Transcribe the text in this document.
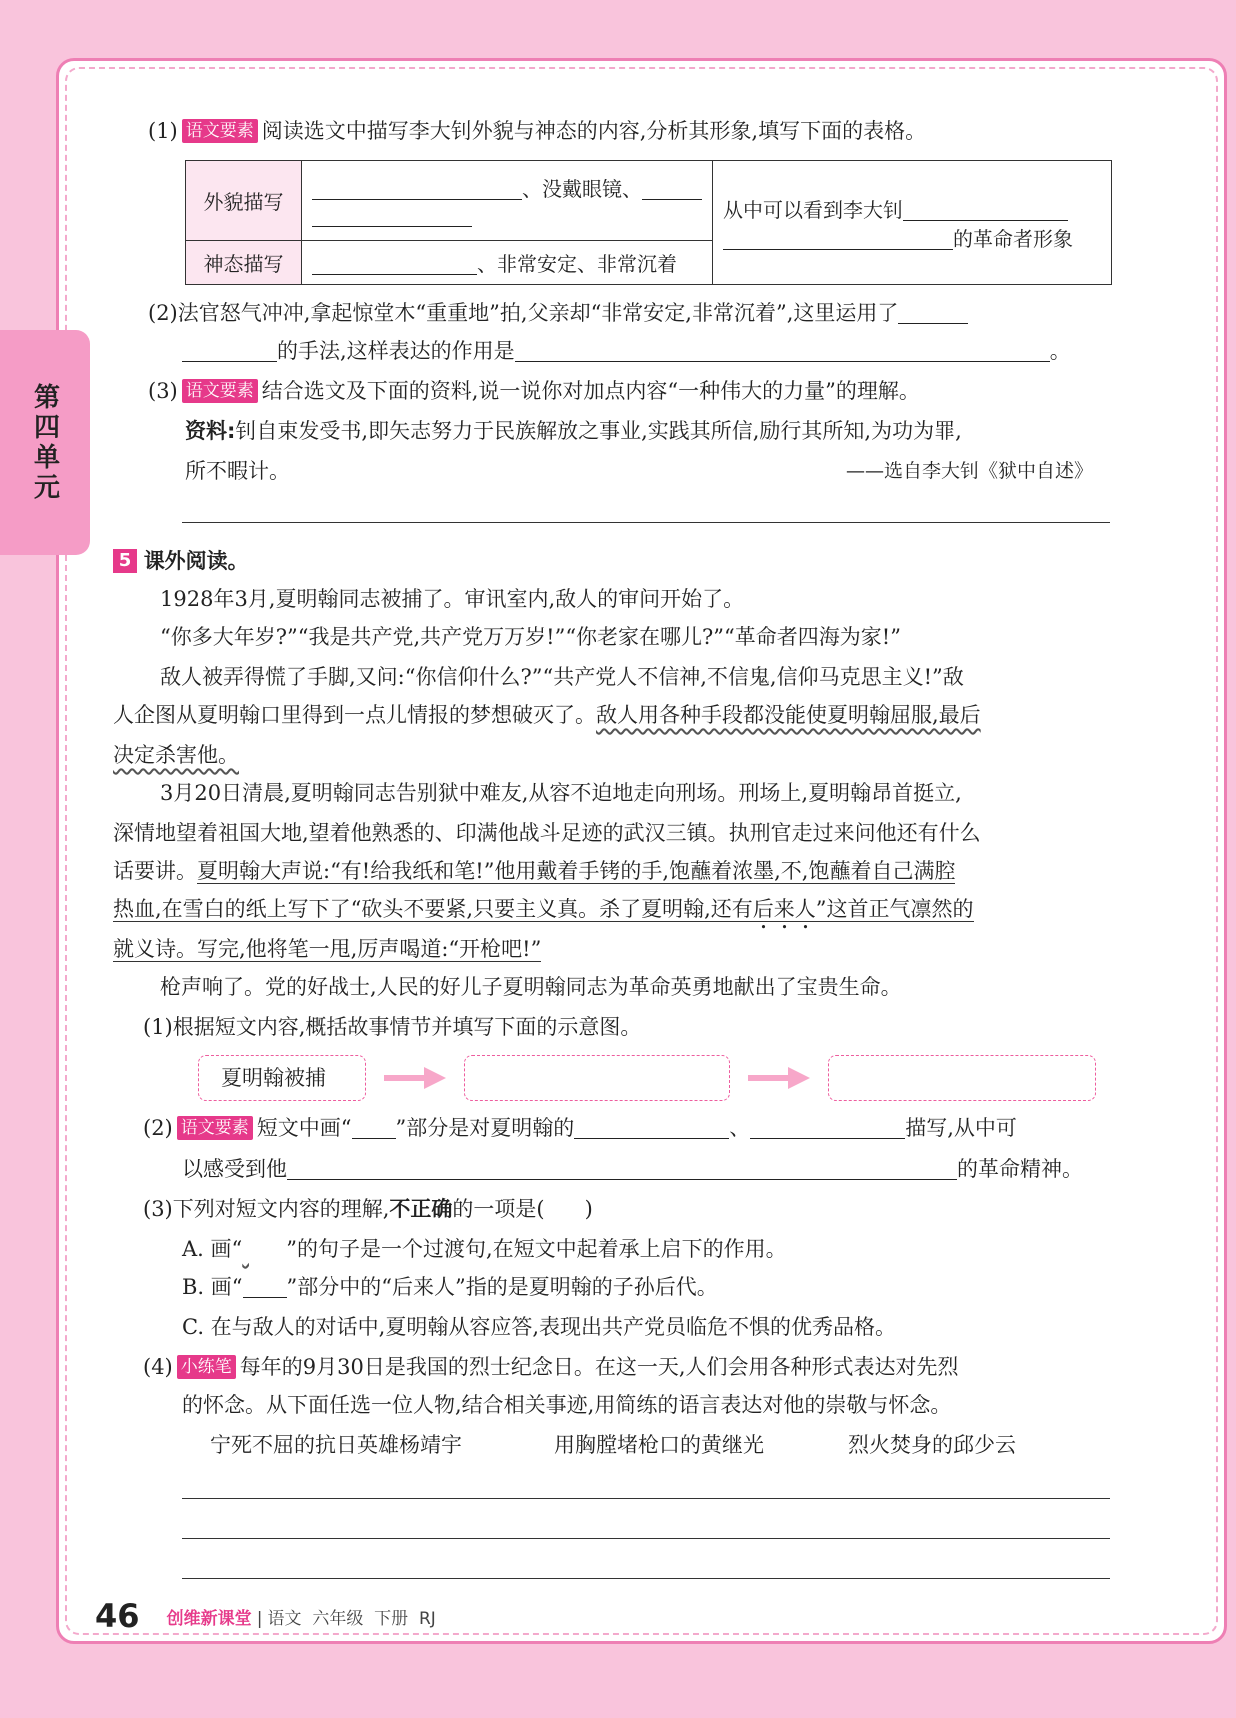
第四单元
(1) 语文要素 阅读选文中描写李大钊外貌与神态的内容,分析其形象,填写下面的表格。
外貌描写	、没戴眼镜、	从中可以看到李大钊
的革命者形象
神态描写	、非常安定、非常沉着	
(2)法官怒气冲冲,拿起惊堂木“重重地”拍,父亲却“非常安定,非常沉着”,这里运用了
的手法,这样表达的作用是	。
(3) 语文要素 结合选文及下面的资料,说一说你对加点内容“一种伟大的力量”的理解。
资料:钊自束发受书,即矢志努力于民族解放之事业,实践其所信,励行其所知,为功为罪,
所不暇计。	——选自李大钊《狱中自述》
5 课外阅读。
1928年3月,夏明翰同志被捕了。审讯室内,敌人的审问开始了。
“你多大年岁?”“我是共产党,共产党万万岁!”“你老家在哪儿?”“革命者四海为家!”
敌人被弄得慌了手脚,又问:“你信仰什么?”“共产党人不信神,不信鬼,信仰马克思主义!”敌
人企图从夏明翰口里得到一点儿情报的梦想破灭了。敌人用各种手段都没能使夏明翰屈服,最后
决定杀害他。
3月20日清晨,夏明翰同志告别狱中难友,从容不迫地走向刑场。刑场上,夏明翰昂首挺立,
深情地望着祖国大地,望着他熟悉的、印满他战斗足迹的武汉三镇。执刑官走过来问他还有什么
话要讲。夏明翰大声说:“有!给我纸和笔!”他用戴着手铐的手,饱蘸着浓墨,不,饱蘸着自己满腔
热血,在雪白的纸上写下了“砍头不要紧,只要主义真。杀了夏明翰,还有后来人”这首正气凛然的
就义诗。写完,他将笔一甩,厉声喝道:“开枪吧!”
枪声响了。党的好战士,人民的好儿子夏明翰同志为革命英勇地献出了宝贵生命。
(1)根据短文内容,概括故事情节并填写下面的示意图。
夏明翰被捕
(2) 语文要素 短文中画“ ”部分是对夏明翰的	、	描写,从中可
以感受到他	的革命精神。
(3)下列对短文内容的理解,不正确的一项是( )
A. 画“ ”的句子是一个过渡句,在短文中起着承上启下的作用。
B. 画“ ”部分中的“后来人”指的是夏明翰的子孙后代。
C. 在与敌人的对话中,夏明翰从容应答,表现出共产党员临危不惧的优秀品格。
(4) 小练笔 每年的9月30日是我国的烈士纪念日。在这一天,人们会用各种形式表达对先烈
的怀念。从下面任选一位人物,结合相关事迹,用简练的语言表达对他的崇敬与怀念。
宁死不屈的抗日英雄杨靖宇	用胸膛堵枪口的黄继光	烈火焚身的邱少云
46 创维新课堂 | 语文  六年级  下册  RJ
